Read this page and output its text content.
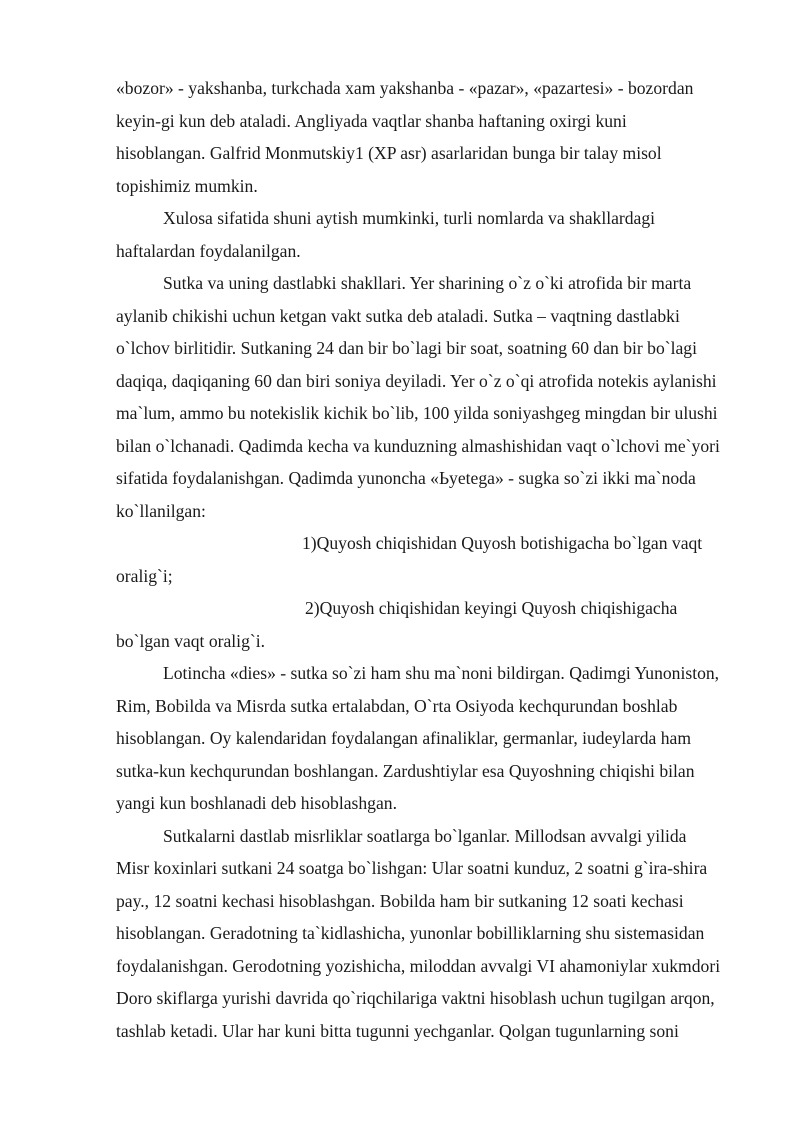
«bozor» - yakshanba, turkchada xam yakshanba - «pazar», «pazartesi» - bozordan
keyin-gi kun deb ataladi. Angliyada vaqtlar shanba haftaning oxirgi kuni
hisoblangan. Galfrid Monmutskiy1 (XP asr) asarlaridan bunga bir talay misol
topishimiz mumkin.
Xulosa sifatida shuni aytish mumkinki, turli nomlarda va shakllardagi
haftalardan foydalanilgan.
Sutka va uning dastlabki shakllari. Yer sharining o`z o`ki atrofida bir marta
aylanib chikishi uchun ketgan vakt sutka deb ataladi. Sutka – vaqtning dastlabki
o`lchov birlitidir. Sutkaning 24 dan bir bo`lagi bir soat, soatning 60 dan bir bo`lagi
daqiqa, daqiqaning 60 dan biri soniya deyiladi. Yer o`z o`qi atrofida notekis aylanishi
ma`lum, ammo bu notekislik kichik bo`lib, 100 yilda soniyashgeg mingdan bir ulushi
bilan o`lchanadi. Qadimda kecha va kunduzning almashishidan vaqt o`lchovi me`yori
sifatida foydalanishgan. Qadimda yunoncha «Ьyetega» - sugka so`zi ikki ma`noda
ko`llanilgan:
1)Quyosh chiqishidan Quyosh botishigacha bo`lgan vaqt
oralig`i;
2)Quyosh chiqishidan keyingi Quyosh chiqishigacha
bo`lgan vaqt oralig`i.
Lotincha «dies» - sutka so`zi ham shu ma`noni bildirgan. Qadimgi Yunoniston,
Rim, Bobilda va Misrda sutka ertalabdan, O`rta Osiyoda kechqurundan boshlab
hisoblangan. Oy kalendaridan foydalangan afinaliklar, germanlar, iudeylarda ham
sutka-kun kechqurundan boshlangan. Zardushtiylar esa Quyoshning chiqishi bilan
yangi kun boshlanadi deb hisoblashgan.
Sutkalarni dastlab misrliklar soatlarga bo`lganlar. Millodsan avvalgi yilida
Misr koxinlari sutkani 24 soatga bo`lishgan: Ular soatni kunduz, 2 soatni g`ira-shira
pay., 12 soatni kechasi hisoblashgan. Bobilda ham bir sutkaning 12 soati kechasi
hisoblangan. Geradotning ta`kidlashicha, yunonlar bobilliklarning shu sistemasidan
foydalanishgan. Gerodotning yozishicha, miloddan avvalgi VI ahamoniylar xukmdori
Doro skiflarga yurishi davrida qo`riqchilariga vaktni hisoblash uchun tugilgan arqon,
tashlab ketadi. Ular har kuni bitta tugunni yechganlar. Qolgan tugunlarning soni
